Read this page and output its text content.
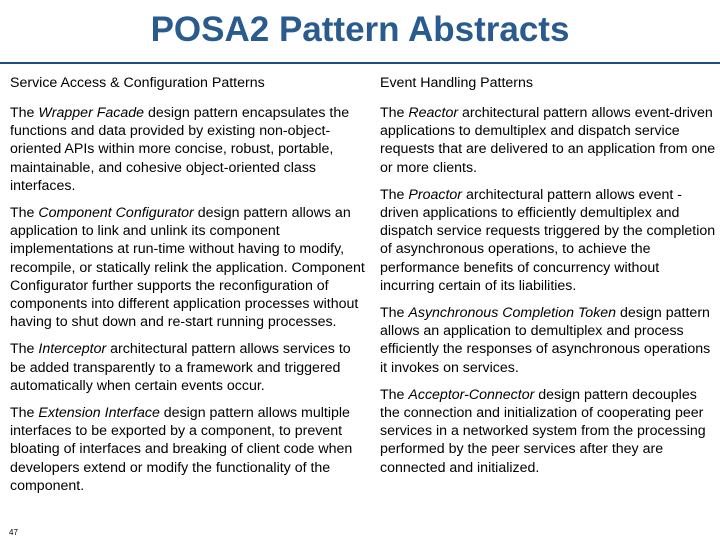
POSA2 Pattern Abstracts
Service Access & Configuration Patterns

The Wrapper Facade design pattern encapsulates the functions and data provided by existing non-object-oriented APIs within more concise, robust, portable, maintainable, and cohesive object-oriented class interfaces.

The Component Configurator design pattern allows an application to link and unlink its component implementations at run-time without having to modify, recompile, or statically relink the application. Component Configurator further supports the reconfiguration of components into different application processes without having to shut down and re-start running processes.

The Interceptor architectural pattern allows services to be added transparently to a framework and triggered automatically when certain events occur.

The Extension Interface design pattern allows multiple interfaces to be exported by a component, to prevent bloating of interfaces and breaking of client code when developers extend or modify the functionality of the component.

Event Handling Patterns

The Reactor architectural pattern allows event-driven applications to demultiplex and dispatch service requests that are delivered to an application from one or more clients.

The Proactor architectural pattern allows event -driven applications to efficiently demultiplex and dispatch service requests triggered by the completion of asynchronous operations, to achieve the performance benefits of concurrency without incurring certain of its liabilities.

The Asynchronous Completion Token design pattern allows an application to demultiplex and process efficiently the responses of asynchronous operations it invokes on services.

The Acceptor-Connector design pattern decouples the connection and initialization of cooperating peer services in a networked system from the processing performed by the peer services after they are connected and initialized.

47
